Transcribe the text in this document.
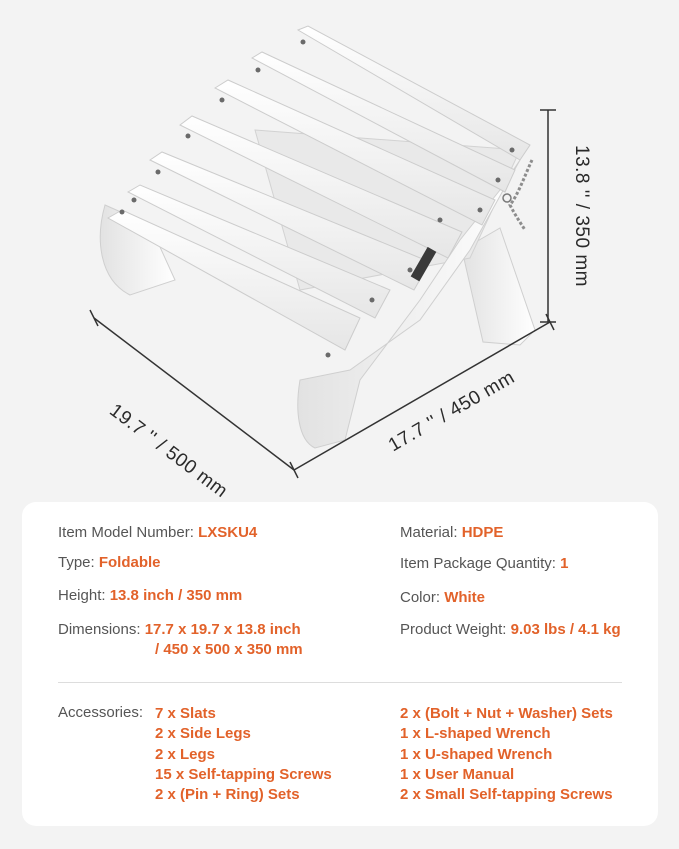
13.8 '' / 350 mm
19.7 '' / 500 mm	17.7 '' / 450 mm
Item Model Number: LXSKU4
Type: Foldable
Height: 13.8 inch / 350 mm
Dimensions: 17.7 x 19.7 x 13.8 inch
/ 450 x 500 x 350 mm
Material: HDPE
Item Package Quantity: 1
Color: White
Product Weight: 9.03 lbs / 4.1 kg
Accessories: 7 x Slats
2 x Side Legs
2 x Legs
15 x Self-tapping Screws
2 x (Pin + Ring) Sets
2 x (Bolt + Nut + Washer) Sets
1 x L-shaped Wrench
1 x U-shaped Wrench
1 x User Manual
2 x Small Self-tapping Screws
